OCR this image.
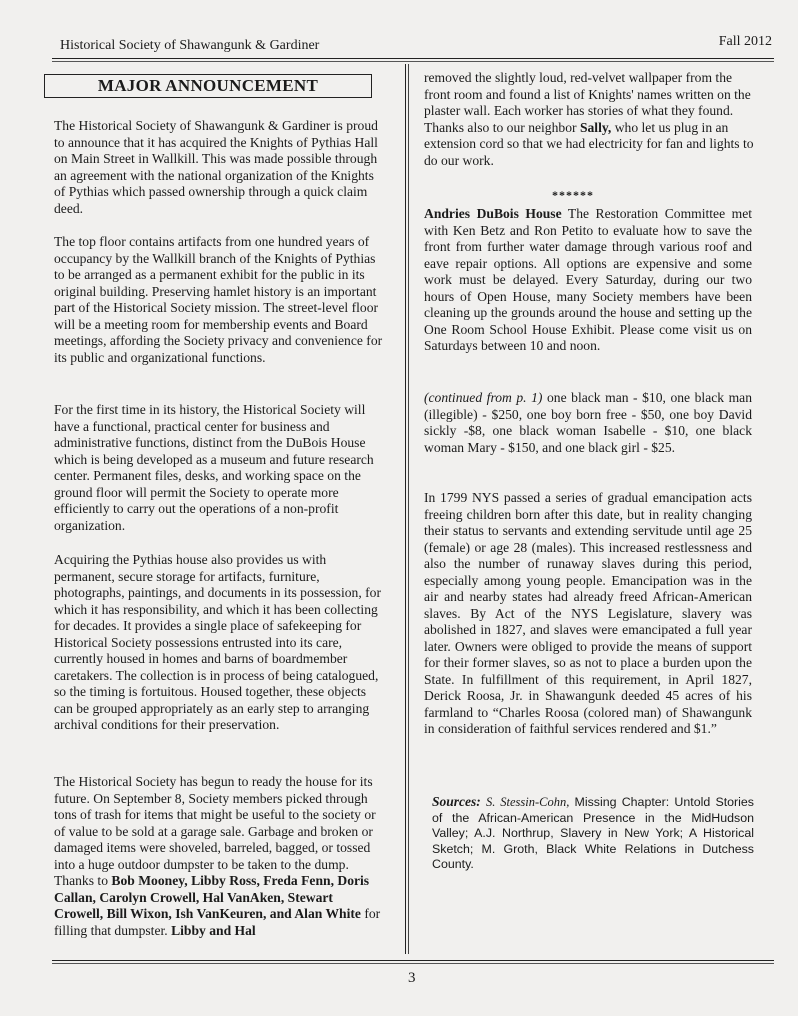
Historical Society of Shawangunk & Gardiner	Fall 2012
MAJOR ANNOUNCEMENT

The Historical Society of Shawangunk & Gardiner is proud to announce that it has acquired the Knights of Pythias Hall on Main Street in Wallkill. This was made possible through an agreement with the national organization of the Knights of Pythias which passed ownership through a quick claim deed.

The top floor contains artifacts from one hundred years of occupancy by the Wallkill branch of the Knights of Pythias to be arranged as a permanent exhibit for the public in its original building. Preserving hamlet history is an important part of the Historical Society mission. The street-level floor will be a meeting room for membership events and Board meetings, affording the Society privacy and convenience for its public and organizational functions.

For the first time in its history, the Historical Society will have a functional, practical center for business and administrative functions, distinct from the DuBois House which is being developed as a museum and future research center. Permanent files, desks, and working space on the ground floor will permit the Society to operate more efficiently to carry out the operations of a non-profit organization.

Acquiring the Pythias house also provides us with permanent, secure storage for artifacts, furniture, photographs, paintings, and documents in its possession, for which it has responsibility, and which it has been collecting for decades. It provides a single place of safekeeping for Historical Society possessions entrusted into its care, currently housed in homes and barns of boardmember caretakers. The collection is in process of being catalogued, so the timing is fortuitous. Housed together, these objects can be grouped appropriately as an early step to arranging archival conditions for their preservation.

The Historical Society has begun to ready the house for its future. On September 8, Society members picked through tons of trash for items that might be useful to the society or of value to be sold at a garage sale. Garbage and broken or damaged items were shoveled, barreled, bagged, or tossed into a huge outdoor dumpster to be taken to the dump. Thanks to Bob Mooney, Libby Ross, Freda Fenn, Doris Callan, Carolyn Crowell, Hal VanAken, Stewart Crowell, Bill Wixon, Ish VanKeuren, and Alan White for filling that dumpster. Libby and Hal

removed the slightly loud, red-velvet wallpaper from the front room and found a list of Knights' names written on the plaster wall. Each worker has stories of what they found. Thanks also to our neighbor Sally, who let us plug in an extension cord so that we had electricity for fan and lights to do our work.

******

Andries DuBois House The Restoration Committee met with Ken Betz and Ron Petito to evaluate how to save the front from further water damage through various roof and eave repair options. All options are expensive and some work must be delayed. Every Saturday, during our two hours of Open House, many Society members have been cleaning up the grounds around the house and setting up the One Room School House Exhibit. Please come visit us on Saturdays between 10 and noon.

(continued from p. 1) one black man - $10, one black man (illegible) - $250, one boy born free - $50, one boy David sickly -$8, one black woman Isabelle - $10, one black woman Mary - $150, and one black girl - $25.

In 1799 NYS passed a series of gradual emancipation acts freeing children born after this date, but in reality changing their status to servants and extending servitude until age 25 (female) or age 28 (males). This increased restlessness and also the number of runaway slaves during this period, especially among young people. Emancipation was in the air and nearby states had already freed African-American slaves. By Act of the NYS Legislature, slavery was abolished in 1827, and slaves were emancipated a full year later. Owners were obliged to provide the means of support for their former slaves, so as not to place a burden upon the State. In fulfillment of this requirement, in April 1827, Derick Roosa, Jr. in Shawangunk deeded 45 acres of his farmland to “Charles Roosa (colored man) of Shawangunk in consideration of faithful services rendered and $1.”

Sources: S. Stessin-Cohn, Missing Chapter: Untold Stories of the African-American Presence in the MidHudson Valley; A.J. Northrup, Slavery in New York; A Historical Sketch; M. Groth, Black White Relations in Dutchess County.
3
